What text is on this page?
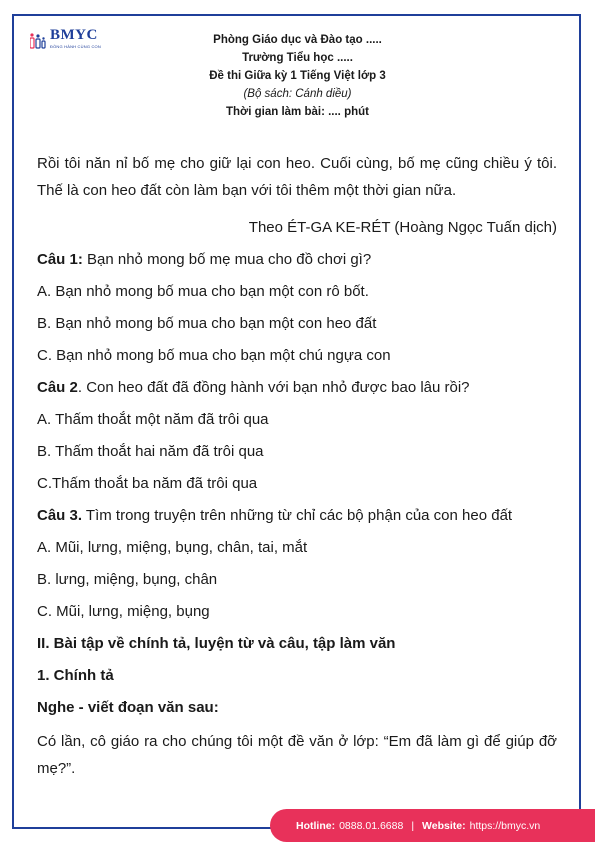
BMYC
ĐỒNG HÀNH CÙNG CON
Phòng Giáo dục và Đào tạo .....
Trường Tiểu học .....
Đề thi Giữa kỳ 1 Tiếng Việt lớp 3
(Bộ sách: Cánh diều)
Thời gian làm bài: .... phút

Rồi tôi năn nỉ bố mẹ cho giữ lại con heo. Cuối cùng, bố mẹ cũng chiều ý tôi. Thế là con heo đất còn làm bạn với tôi thêm một thời gian nữa.

Theo ÉT-GA KE-RÉT (Hoàng Ngọc Tuấn dịch)

Câu 1: Bạn nhỏ mong bố mẹ mua cho đồ chơi gì?

A. Bạn nhỏ mong bố mua cho bạn một con rô bốt.

B. Bạn nhỏ mong bố mua cho bạn một con heo đất

C. Bạn nhỏ mong bố mua cho bạn một chú ngựa con

Câu 2. Con heo đất đã đồng hành với bạn nhỏ được bao lâu rồi?

A. Thấm thoắt một năm đã trôi qua

B. Thấm thoắt hai năm đã trôi qua

C.Thấm thoắt ba năm đã trôi qua

Câu 3. Tìm trong truyện trên những từ chỉ các bộ phận của con heo đất

A. Mũi, lưng, miệng, bụng, chân, tai, mắt

B. lưng, miệng, bụng, chân

C. Mũi, lưng, miệng, bụng

II. Bài tập về chính tả, luyện từ và câu, tập làm văn

1. Chính tả

Nghe - viết đoạn văn sau:

Có lần, cô giáo ra cho chúng tôi một đề văn ở lớp: “Em đã làm gì để giúp đỡ mẹ?”.

Hotline: 0888.01.6688 | Website: https://bmyc.vn
